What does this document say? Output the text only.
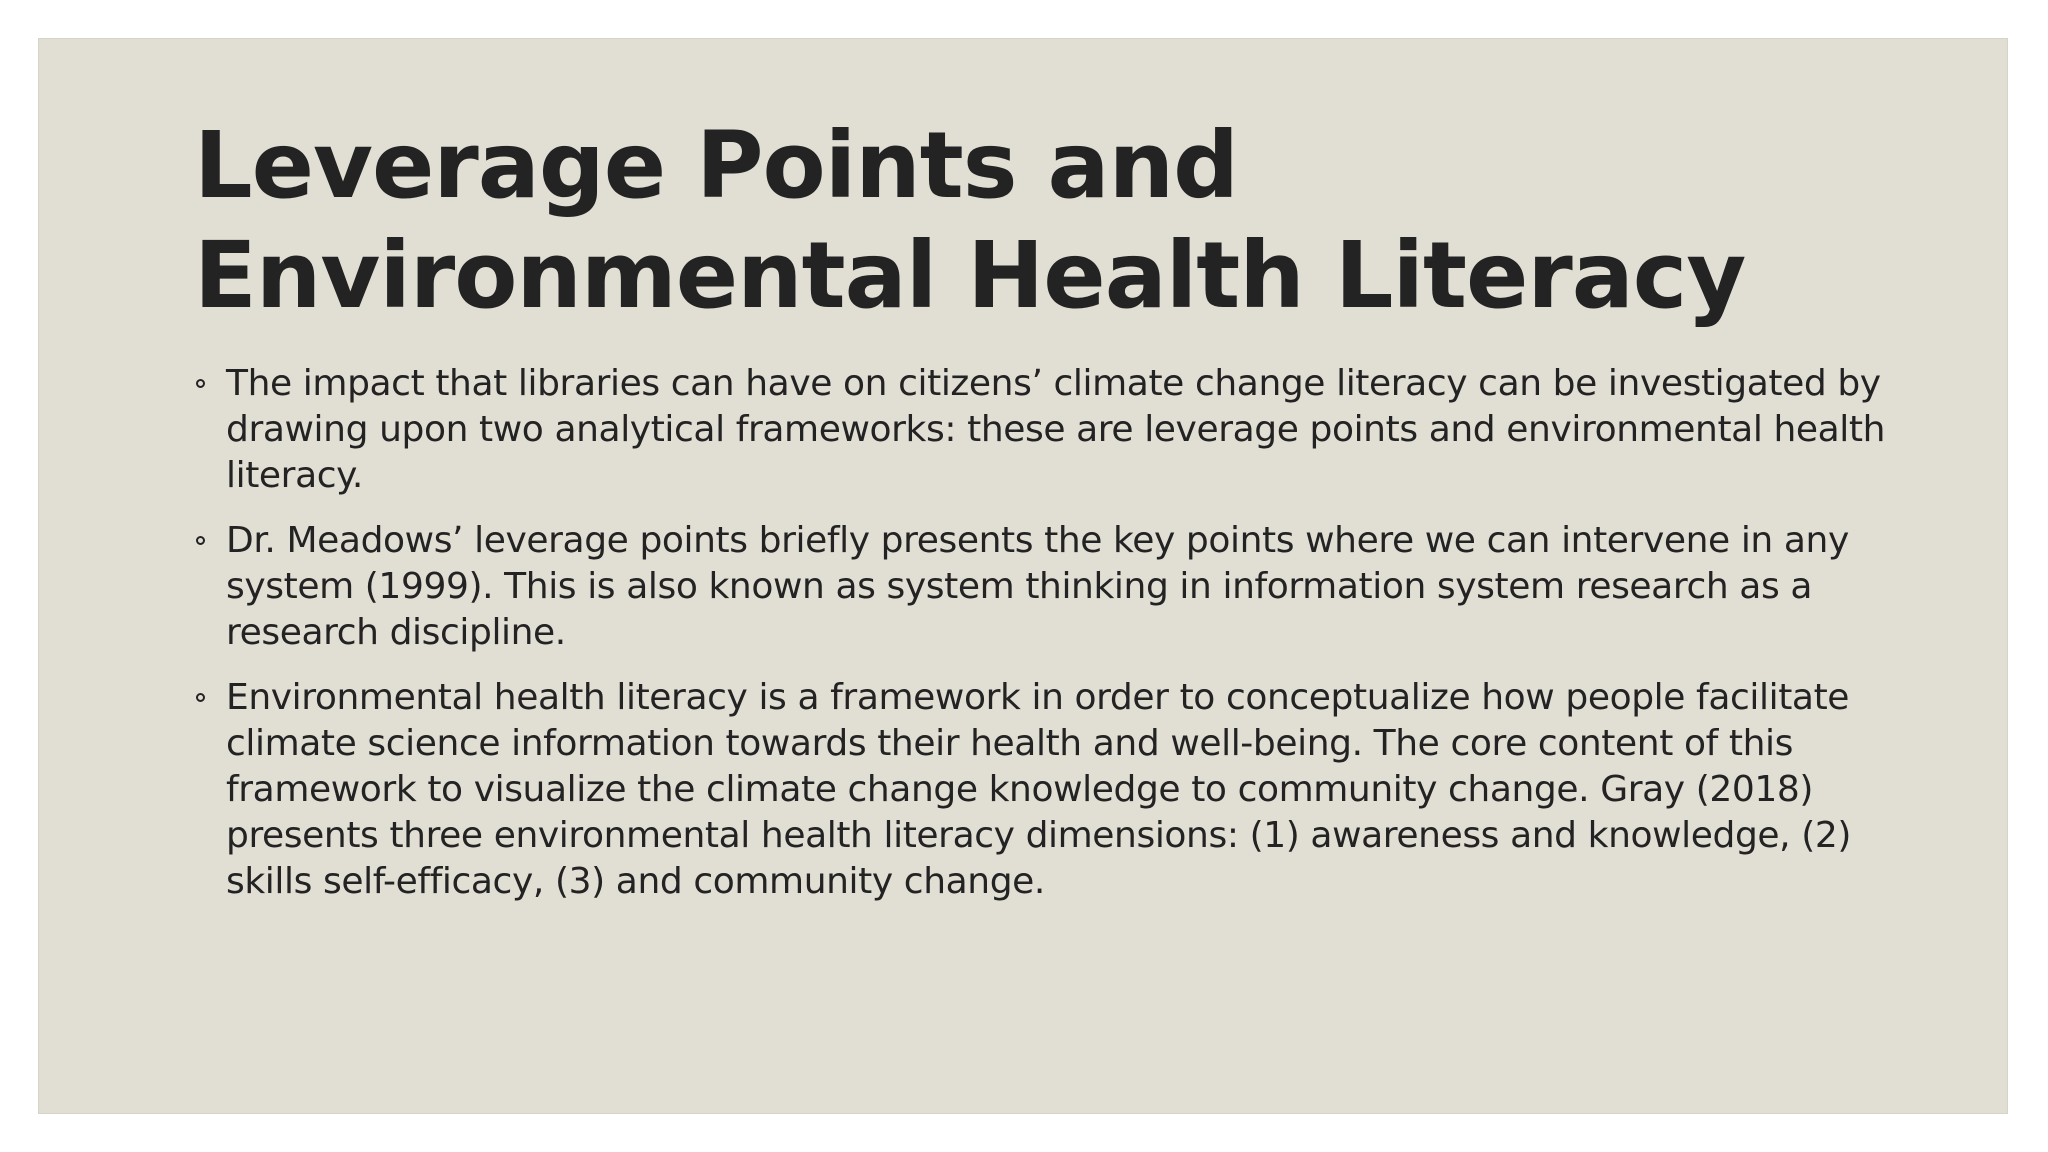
Leverage Points and
Environmental Health Literacy
The impact that libraries can have on citizens’ climate change literacy can be investigated by drawing upon two analytical frameworks: these are leverage points and environmental health literacy.
Dr. Meadows’ leverage points briefly presents the key points where we can intervene in any system (1999). This is also known as system thinking in information system research as a research discipline.
Environmental health literacy is a framework in order to conceptualize how people facilitate climate science information towards their health and well-being. The core content of this framework to visualize the climate change knowledge to community change. Gray (2018) presents three environmental health literacy dimensions: (1) awareness and knowledge, (2) skills self-efficacy, (3) and community change.
